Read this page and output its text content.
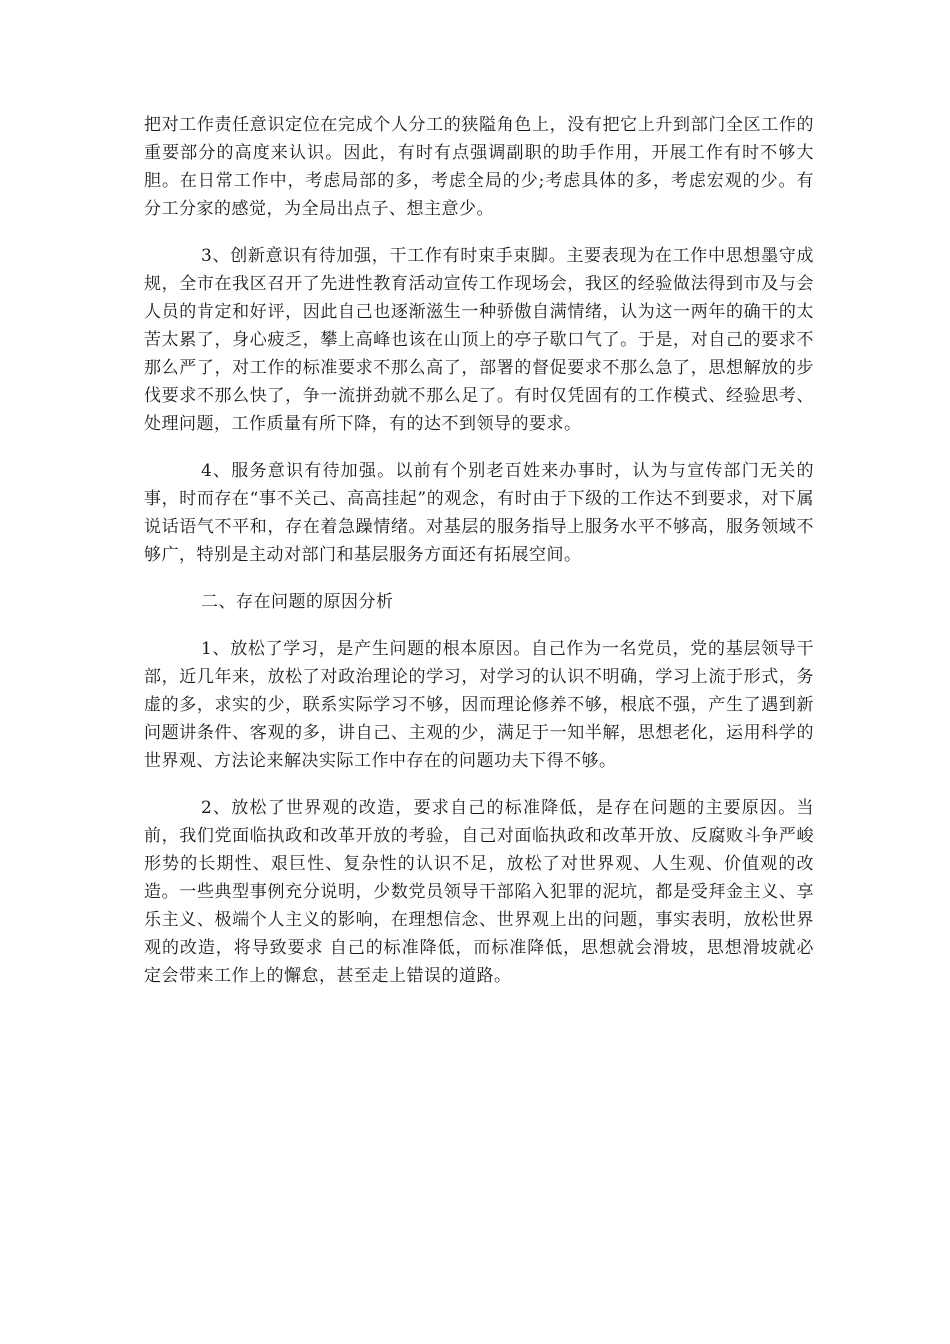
把对工作责任意识定位在完成个人分工的狭隘角色上，没有把它上升到部门全区工作的重要部分的高度来认识。因此，有时有点强调副职的助手作用，开展工作有时不够大胆。在日常工作中，考虑局部的多，考虑全局的少;考虑具体的多，考虑宏观的少。有分工分家的感觉，为全局出点子、想主意少。

3、创新意识有待加强，干工作有时束手束脚。主要表现为在工作中思想墨守成规，全市在我区召开了先进性教育活动宣传工作现场会，我区的经验做法得到市及与会人员的肯定和好评，因此自己也逐渐滋生一种骄傲自满情绪，认为这一两年的确干的太苦太累了，身心疲乏，攀上高峰也该在山顶上的亭子歇口气了。于是，对自己的要求不那么严了，对工作的标准要求不那么高了，部署的督促要求不那么急了，思想解放的步伐要求不那么快了，争一流拼劲就不那么足了。有时仅凭固有的工作模式、经验思考、处理问题，工作质量有所下降，有的达不到领导的要求。

4、服务意识有待加强。以前有个别老百姓来办事时，认为与宣传部门无关的事，时而存在“事不关己、高高挂起”的观念，有时由于下级的工作达不到要求，对下属说话语气不平和，存在着急躁情绪。对基层的服务指导上服务水平不够高，服务领域不够广，特别是主动对部门和基层服务方面还有拓展空间。

二、存在问题的原因分析

1、放松了学习，是产生问题的根本原因。自己作为一名党员，党的基层领导干部，近几年来，放松了对政治理论的学习，对学习的认识不明确，学习上流于形式，务虚的多，求实的少，联系实际学习不够，因而理论修养不够，根底不强，产生了遇到新问题讲条件、客观的多，讲自己、主观的少，满足于一知半解，思想老化，运用科学的世界观、方法论来解决实际工作中存在的问题功夫下得不够。

2、放松了世界观的改造，要求自己的标准降低，是存在问题的主要原因。当前，我们党面临执政和改革开放的考验，自己对面临执政和改革开放、反腐败斗争严峻形势的长期性、艰巨性、复杂性的认识不足，放松了对世界观、人生观、价值观的改造。一些典型事例充分说明，少数党员领导干部陷入犯罪的泥坑，都是受拜金主义、享乐主义、极端个人主义的影响，在理想信念、世界观上出的问题，事实表明，放松世界观的改造，将导致要求 自己的标准降低，而标准降低，思想就会滑坡，思想滑坡就必定会带来工作上的懈怠，甚至走上错误的道路。
